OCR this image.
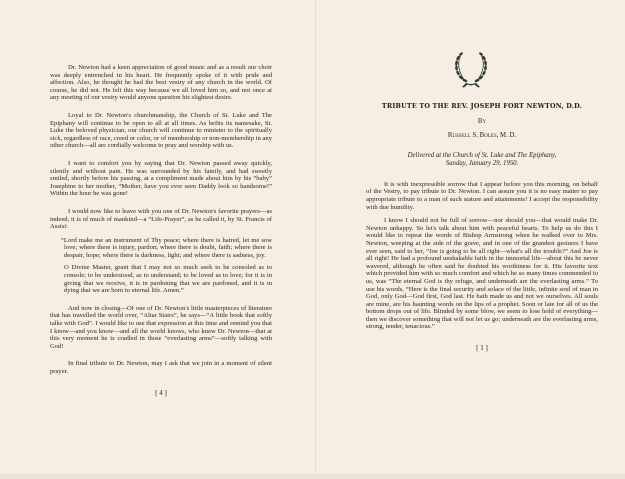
Dr. Newton had a keen appreciation of good music and as a result our choir was deeply entrenched in his heart. He frequently spoke of it with pride and affection. Also, he thought he had the best vestry of any church in the world. Of course, he did not. He felt this way because we all loved him so, and not once at any meeting of our vestry would anyone question his slightest desire.

Loyal to Dr. Newton's churchmanship, the Church of St. Luke and The Epiphany will continue to be open to all at all times. As befits its namesake, St. Luke the beloved physician, our church will continue to minister to the spiritually sick, regardless of race, creed or color, or of membership or non-membership in any other church—all are cordially welcome to pray and worship with us.

I want to comfort you by saying that Dr. Newton passed away quickly, silently and without pain. He was surrounded by his family, and had sweetly smiled, shortly before his passing, at a compliment made about him by his “baby” Josephine to her mother, “Mother, have you ever seen Daddy look so handsome!” Within the hour he was gone!

I would now like to leave with you one of Dr. Newton's favorite prayers—as indeed, it is of much of mankind—a “Life-Prayer”, as he called it, by St. Francis of Assisi:

“Lord make me an instrument of Thy peace; where there is hatred, let me sow love; where there is injury, pardon; where there is doubt, faith; where there is despair, hope; where there is darkness, light; and where there is sadness, joy.

O Divine Master, grant that I may not so much seek to be consoled as to console; to be understood, as to understand; to be loved as to love; for it is in giving that we receive, it is in pardoning that we are pardoned, and it is in dying that we are born to eternal life. Amen.”

And now in closing—Of one of Dr. Newton's little masterpieces of literature that has travelled the world over, “Altar Stairs”, he says—“A little book that softly talks with God”. I would like to use that expression at this time and remind you that I know—and you know—and all the world knows, who knew Dr. Newton—that at this very moment he is cradled in those “everlasting arms”—softly talking with God!

In final tribute to Dr. Newton, may I ask that we join in a moment of silent prayer.

[ 4 ]

TRIBUTE TO THE REV. JOSEPH FORT NEWTON, D.D.

By

Russell S. Boles, M. D.

Delivered at the Church of St. Luke and The Epiphany,
Sunday, January 29, 1950.

It is with inexpressible sorrow that I appear before you this morning, on behalf of the Vestry, to pay tribute to Dr. Newton. I can assure you it is no easy matter to pay appropriate tribute to a man of such stature and attainments! I accept the responsibility with due humility.

I know I should not be full of sorrow—nor should you—that would make Dr. Newton unhappy. So let's talk about him with peaceful hearts. To help us do this I would like to repeat the words of Bishop Armstrong when he walked over to Mrs. Newton, weeping at the side of the grave, and in one of the grandest gestures I have ever seen, said to her, “Joe is going to be all right—what's all the trouble?” And Joe is all right! He had a profound unshakable faith in the immortal life—about this he never wavered, although he often said he doubted his worthiness for it. His favorite text which provided him with so much comfort and which he so many times commended to us, was “The eternal God is thy refuge, and underneath are the everlasting arms.” To use his words, “Here is the final security and solace of the little, infinite soul of man in God, only God—God first, God last. He hath made us and not we ourselves. All souls are mine, are his haunting words on the lips of a prophet. Soon or late for all of us the bottom drops out of life. Blinded by some blow, we seem to lose hold of everything—then we discover something that will not let us go; underneath are the everlasting arms, strong, tender, tenacious.”

[ 1 ]
